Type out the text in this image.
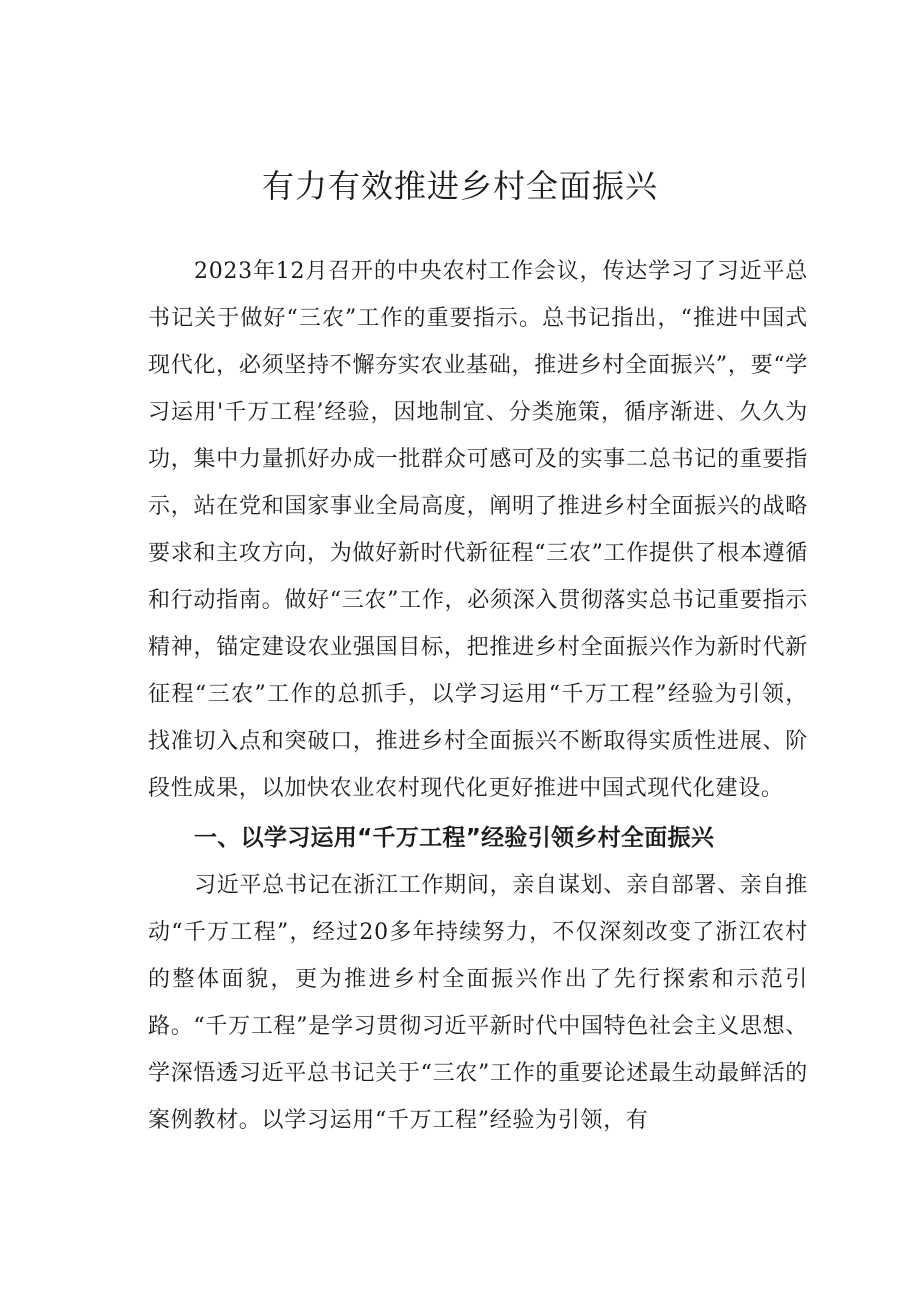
有力有效推进乡村全面振兴

2023年12月召开的中央农村工作会议，传达学习了习近平总书记关于做好“三农”工作的重要指示。总书记指出，“推进中国式现代化，必须坚持不懈夯实农业基础，推进乡村全面振兴”，要“学习运用'千万工程’经验，因地制宜、分类施策，循序渐进、久久为功，集中力量抓好办成一批群众可感可及的实事二总书记的重要指示，站在党和国家事业全局高度，阐明了推进乡村全面振兴的战略要求和主攻方向，为做好新时代新征程“三农”工作提供了根本遵循和行动指南。做好“三农”工作，必须深入贯彻落实总书记重要指示精神，锚定建设农业强国目标，把推进乡村全面振兴作为新时代新征程“三农”工作的总抓手，以学习运用“千万工程”经验为引领，找准切入点和突破口，推进乡村全面振兴不断取得实质性进展、阶段性成果，以加快农业农村现代化更好推进中国式现代化建设。

一、以学习运用“千万工程”经验引领乡村全面振兴

习近平总书记在浙江工作期间，亲自谋划、亲自部署、亲自推动“千万工程”，经过20多年持续努力，不仅深刻改变了浙江农村的整体面貌，更为推进乡村全面振兴作出了先行探索和示范引路。“千万工程”是学习贯彻习近平新时代中国特色社会主义思想、学深悟透习近平总书记关于“三农”工作的重要论述最生动最鲜活的案例教材。以学习运用“千万工程”经验为引领，有
